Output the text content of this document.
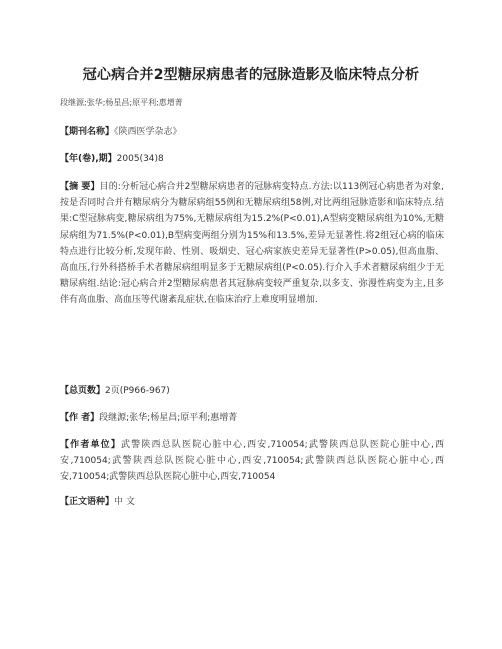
冠心病合并2型糖尿病患者的冠脉造影及临床特点分析
段继源;张华;杨星昌;原平利;惠增菁
【期刊名称】《陕西医学杂志》
【年(卷),期】2005(34)8
【摘 要】目的:分析冠心病合并2型糖尿病患者的冠脉病变特点.方法:以113例冠心病患者为对象,按是否同时合并有糖尿病分为糖尿病组55例和无糖尿病组58例,对比两组冠脉造影和临床特点.结果:C型冠脉病变,糖尿病组为75%,无糖尿病组为15.2%(P<0.01),A型病变糖尿病组为10%,无糖尿病组为71.5%(P<0.01),B型病变两组分别为15%和13.5%,差异无显著性.将2组冠心病的临床特点进行比较分析,发现年龄、性别、吸烟史、冠心病家族史差异无显著性(P>0.05),但高血脂、高血压,行外科搭桥手术者糖尿病组明显多于无糖尿病组(P<0.05).行介入手术者糖尿病组少于无糖尿病组.结论:冠心病合并2型糖尿病患者其冠脉病变较严重复杂,以多支、弥漫性病变为主,且多伴有高血脂、高血压等代谢紊乱症状,在临床治疗上难度明显增加.
【总页数】2页(P966-967)
【作 者】段继源;张华;杨星昌;原平利;惠增菁
【作者单位】武警陕西总队医院心脏中心,西安,710054;武警陕西总队医院心脏中心,西安,710054;武警陕西总队医院心脏中心,西安,710054;武警陕西总队医院心脏中心,西安,710054;武警陕西总队医院心脏中心,西安,710054
【正文语种】中 文
